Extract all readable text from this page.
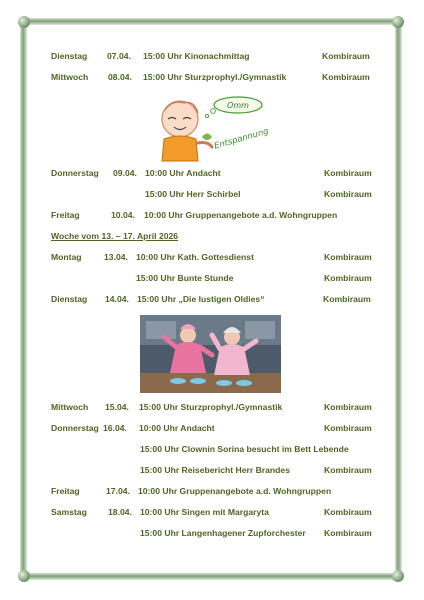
Dienstag 07.04. 15:00 Uhr Kinonachmittag	Kombiraum
Mittwoch 08.04. 15:00 Uhr Sturzprophyl./Gymnastik	Kombiraum
Omm
Entspannung
Donnerstag 09.04. 10:00 Uhr Andacht	Kombiraum
15:00 Uhr Herr Schirbel	Kombiraum
Freitag	10.04. 10:00 Uhr Gruppenangebote a.d. Wohngruppen
Woche vom 13. – 17. April 2026
Montag	13.04. 10:00 Uhr Kath. Gottesdienst	Kombiraum
15:00 Uhr Bunte Stunde	Kombiraum
Dienstag 14.04. 15:00 Uhr „Die lustigen Oldies“	Kombiraum
Mittwoch 15.04. 15:00 Uhr Sturzprophyl./Gymnastik	Kombiraum
Donnerstag 16.04. 10:00 Uhr Andacht	Kombiraum
15:00 Uhr Clownin Sorina besucht im Bett Lebende
15:00 Uhr Reisebericht Herr Brandes	Kombiraum
Freitag	17.04. 10:00 Uhr Gruppenangebote a.d. Wohngruppen
Samstag 18.04. 10:00 Uhr Singen mit Margaryta	Kombiraum
15:00 Uhr Langenhagener Zupforchester Kombiraum
